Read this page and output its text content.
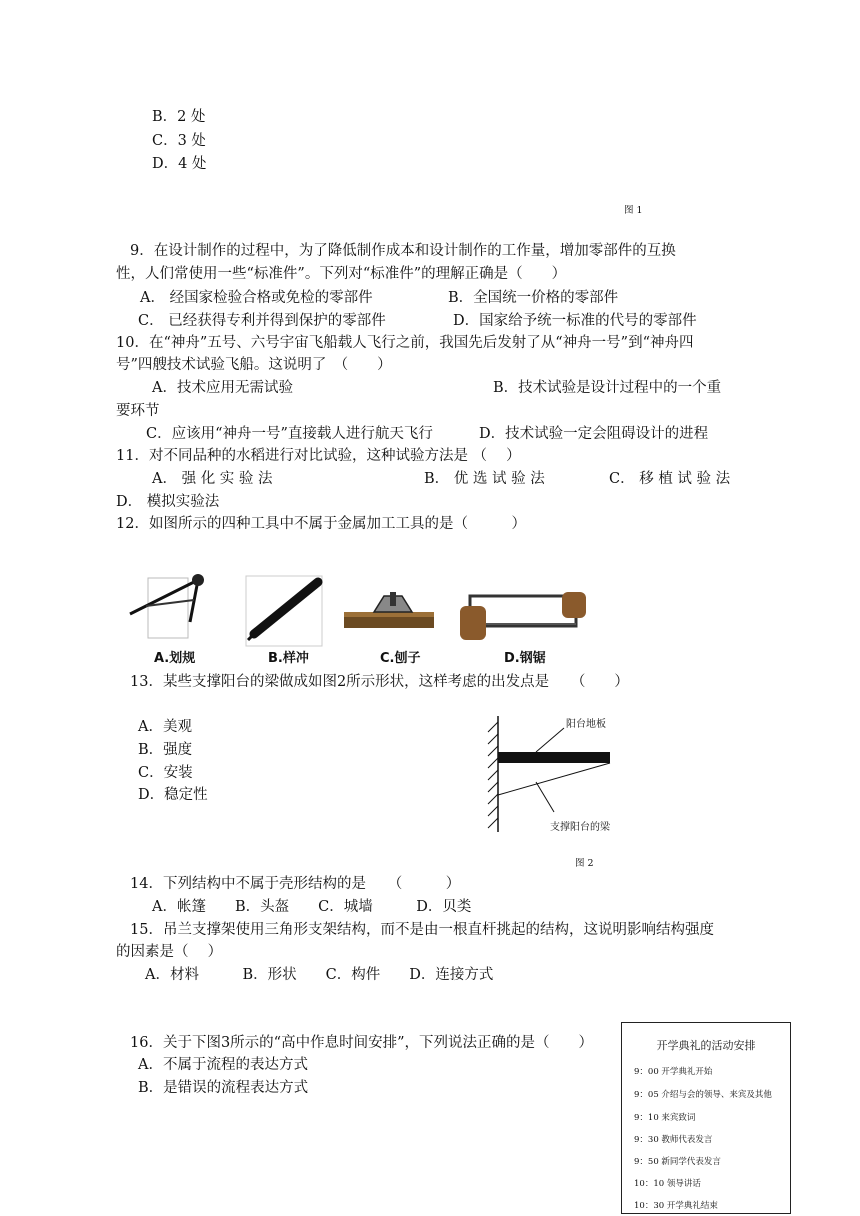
B．2 处
C．3 处
D．4 处
图 1
9．在设计制作的过程中，为了降低制作成本和设计制作的工作量，增加零部件的互换
性，人们常使用一些“标准件”。下列对“标准件”的理解正确是（　　）
A． 经国家检验合格或免检的零部件	B．全国统一价格的零部件
C． 已经获得专利并得到保护的零部件	D．国家给予统一标准的代号的零部件
10．在“神舟”五号、六号宇宙飞船载人飞行之前，我国先后发射了从“神舟一号”到“神舟四
号”四艘技术试验飞船。这说明了　（　　）
A．技术应用无需试验	B．技术试验是设计过程中的一个重
要环节
C．应该用“神舟一号”直接载人进行航天飞行	D．技术试验一定会阻碍设计的进程
11．对不同品种的水稻进行对比试验，这种试验方法是 （　 ）
A． 强 化 实 验 法	B． 优 选 试 验 法	C． 移 植 试 验 法
D． 模拟实验法
12．如图所示的四种工具中不属于金属加工工具的是（　　　）
A.划规	B.样冲	C.刨子	D.钢锯
13．某些支撑阳台的梁做成如图2所示形状，这样考虑的出发点是　　（　　）
A．美观
B．强度
C．安装
D．稳定性
阳台地板
支撑阳台的梁
图 2
14．下列结构中不属于壳形结构的是　　（　　　）
A．帐篷　　B．头盔　　C．城墙　　　D．贝类
15．吊兰支撑架使用三角形支架结构，而不是由一根直杆挑起的结构，这说明影响结构强度
的因素是（　 ）
A．材料　　　B．形状　　C．构件　　D．连接方式
16．关于下图3所示的“高中作息时间安排”，下列说法正确的是（　　）
A．不属于流程的表达方式
B．是错误的流程表达方式
开学典礼的活动安排
9：00 开学典礼开始
9：05 介绍与会的领导、来宾及其他
9：10 来宾致词
9：30 教师代表发言
9：50 新同学代表发言
10：10 领导讲话
10：30 开学典礼结束
